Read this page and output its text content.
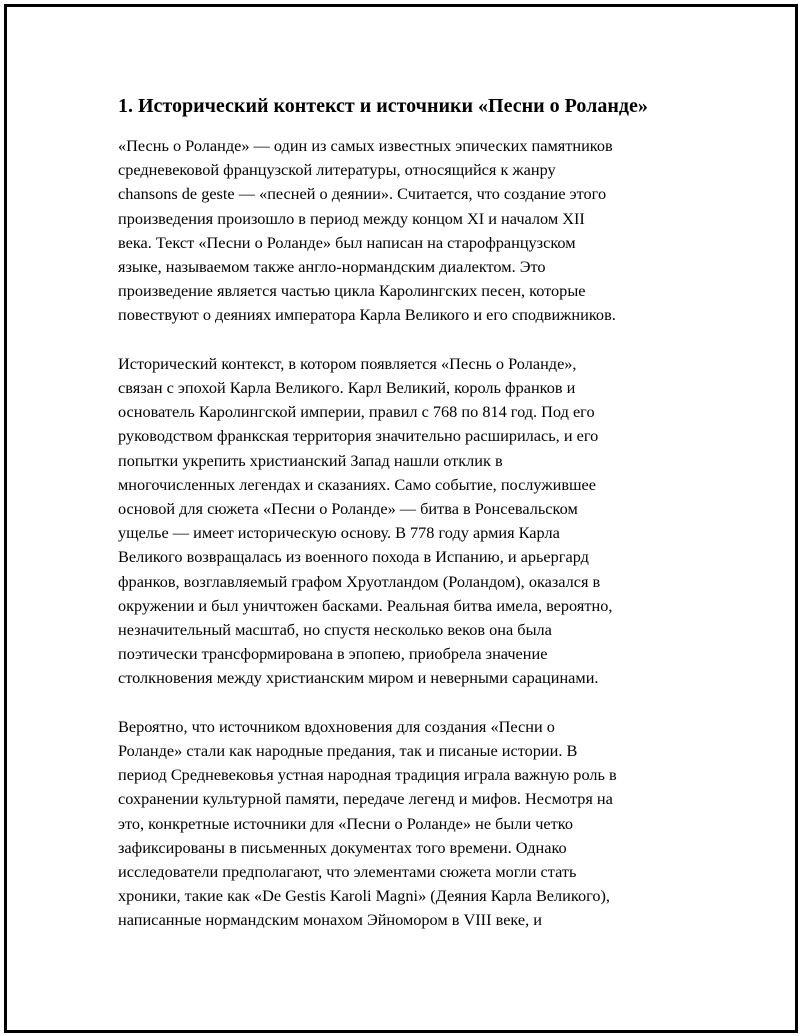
1. Исторический контекст и источники «Песни о Роланде»

«Песнь о Роланде» — один из самых известных эпических памятников
средневековой французской литературы, относящийся к жанру
chansons de geste — «песней о деянии». Считается, что создание этого
произведения произошло в период между концом XI и началом XII
века. Текст «Песни о Роланде» был написан на старофранцузском
языке, называемом также англо-нормандским диалектом. Это
произведение является частью цикла Каролингских песен, которые
повествуют о деяниях императора Карла Великого и его сподвижников.

Исторический контекст, в котором появляется «Песнь о Роланде»,
связан с эпохой Карла Великого. Карл Великий, король франков и
основатель Каролингской империи, правил с 768 по 814 год. Под его
руководством франкская территория значительно расширилась, и его
попытки укрепить христианский Запад нашли отклик в
многочисленных легендах и сказаниях. Само событие, послужившее
основой для сюжета «Песни о Роланде» — битва в Ронсевальском
ущелье — имеет историческую основу. В 778 году армия Карла
Великого возвращалась из военного похода в Испанию, и арьергард
франков, возглавляемый графом Хруотландом (Роландом), оказался в
окружении и был уничтожен басками. Реальная битва имела, вероятно,
незначительный масштаб, но спустя несколько веков она была
поэтически трансформирована в эпопею, приобрела значение
столкновения между христианским миром и неверными сарацинами.

Вероятно, что источником вдохновения для создания «Песни о
Роланде» стали как народные предания, так и писаные истории. В
период Средневековья устная народная традиция играла важную роль в
сохранении культурной памяти, передаче легенд и мифов. Несмотря на
это, конкретные источники для «Песни о Роланде» не были четко
зафиксированы в письменных документах того времени. Однако
исследователи предполагают, что элементами сюжета могли стать
хроники, такие как «De Gestis Karoli Magni» (Деяния Карла Великого),
написанные нормандским монахом Эйномором в VIII веке, и
